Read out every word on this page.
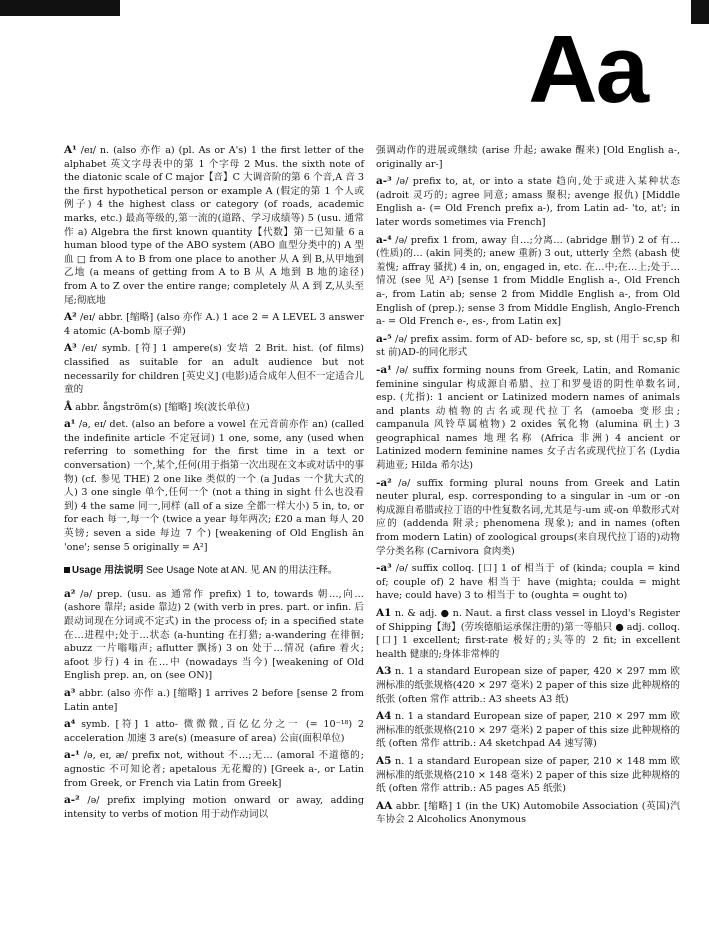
Aa

A¹ /eɪ/ n. (also 亦作 a) (pl. As or A's) 1 the first letter of the alphabet 英文字母表中的第 1 个字母 2 Mus. the sixth note of the diatonic scale of C major【音】C 大调音阶的第 6 个音,A 音 3 the first hypothetical person or example A (假定的第 1 个人或例子) 4 the highest class or category (of roads, academic marks, etc.) 最高等级的,第一流的(道路、学习成绩等) 5 (usu. 通常作 a) Algebra the first known quantity【代数】第一已知量 6 a human blood type of the ABO system (ABO 血型分类中的) A 型血 □ from A to B from one place to another 从 A 到 B,从甲地到乙地 (a means of getting from A to B 从 A 地到 B 地的途径) from A to Z over the entire range; completely 从 A 到 Z,从头至尾;彻底地

A² /eɪ/ abbr. [缩略] (also 亦作 A.) 1 ace 2 = A LEVEL 3 answer 4 atomic (A-bomb 原子弹)

A³ /eɪ/ symb. [符] 1 ampere(s) 安培 2 Brit. hist. (of films) classified as suitable for an adult audience but not necessarily for children [英史义] (电影)适合成年人但不一定适合儿童的

Å abbr. ångström(s) [缩略] 埃(波长单位)

a¹ /ə, eɪ/ det. (also an before a vowel 在元音前亦作 an) (called the indefinite article 不定冠词) 1 one, some, any (used when referring to something for the first time in a text or conversation) 一个,某个,任何(用于指第一次出现在文本或对话中的事物) (cf. 参见 THE) 2 one like 类似的一个 (a Judas 一个犹大式的人) 3 one single 单个,任何一个 (not a thing in sight 什么也没看到) 4 the same 同一,同样 (all of a size 全都一样大小) 5 in, to, or for each 每一,每一个 (twice a year 每年两次; £20 a man 每人 20 英镑; seven a side 每边 7 个) [weakening of Old English ān 'one'; sense 5 originally = A²]

Usage 用法说明 See Usage Note at AN. 见 AN 的用法注释。

a² /ə/ prep. (usu. as 通常作 prefix) 1 to, towards 朝…,向… (ashore 靠岸; aside 靠边) 2 (with verb in pres. part. or infin. 后跟动词现在分词或不定式) in the process of; in a specified state 在…进程中;处于…状态 (a-hunting 在打猎; a-wandering 在徘徊; abuzz 一片嗡嗡声; aflutter 飘扬) 3 on 处于…情况 (afire 着火; afoot 步行) 4 in 在…中 (nowadays 当今) [weakening of Old English prep. an, on (see ON)]

a³ abbr. (also 亦作 a.) [缩略] 1 arrives 2 before [sense 2 from Latin ante]

a⁴ symb. [符] 1 atto- 微微微,百亿亿分之一 (= 10⁻¹⁸) 2 acceleration 加速 3 are(s) (measure of area) 公亩(面积单位)

a-¹ /ə, eɪ, æ/ prefix not, without 不…;无… (amoral 不道德的; agnostic 不可知论者; apetalous 无花瓣的) [Greek a-, or Latin from Greek, or French via Latin from Greek]

a-² /ə/ prefix implying motion onward or away, adding intensity to verbs of motion 用于动作动词以

强调动作的进展或继续 (arise 升起; awake 醒来) [Old English a-, originally ar-]

a-³ /ə/ prefix to, at, or into a state 趋向,处于或进入某种状态 (adroit 灵巧的; agree 同意; amass 聚积; avenge 报仇) [Middle English a- (= Old French prefix a-), from Latin ad- 'to, at'; in later words sometimes via French]

a-⁴ /ə/ prefix 1 from, away 自…;分离… (abridge 删节) 2 of 有…(性质)的… (akin 同类的; anew 重新) 3 out, utterly 全然 (abash 使羞愧; affray 骚扰) 4 in, on, engaged in, etc. 在…中;在…上;处于…情况 (see 见 A²) [sense 1 from Middle English a-, Old French a-, from Latin ab; sense 2 from Middle English a-, from Old English of (prep.); sense 3 from Middle English, Anglo-French a- = Old French e-, es-, from Latin ex]

a-⁵ /ə/ prefix assim. form of AD- before sc, sp, st (用于 sc,sp 和 st 前)AD-的同化形式

-a¹ /ə/ suffix forming nouns from Greek, Latin, and Romanic feminine singular 构成源自希腊、拉丁和罗曼语的阴性单数名词, esp. (尤指): 1 ancient or Latinized modern names of animals and plants 动植物的古名或现代拉丁名 (amoeba 变形虫; campanula 风铃草属植物) 2 oxides 氧化物 (alumina 矾土) 3 geographical names 地理名称 (Africa 非洲) 4 ancient or Latinized modern feminine names 女子古名或现代拉丁名 (Lydia 莉迪亚; Hilda 希尔达)

-a² /ə/ suffix forming plural nouns from Greek and Latin neuter plural, esp. corresponding to a singular in -um or -on 构成源自希腊或拉丁语的中性复数名词,尤其是与-um 或-on 单数形式对应的 (addenda 附录; phenomena 现象); and in names (often from modern Latin) of zoological groups(来自现代拉丁语的)动物学分类名称 (Carnivora 食肉类)

-a³ /ə/ suffix colloq. [口] 1 of 相当于 of (kinda; coupla = kind of; couple of) 2 have 相当于 have (mighta; coulda = might have; could have) 3 to 相当于 to (oughta = ought to)

A1 n. & adj. ● n. Naut. a first class vessel in Lloyd's Register of Shipping【海】(劳埃德船运承保注册的)第一等船只 ● adj. colloq. [口] 1 excellent; first-rate 极好的;头等的 2 fit; in excellent health 健康的;身体非常棒的

A3 n. 1 a standard European size of paper, 420 × 297 mm 欧洲标准的纸张规格(420 × 297 毫米) 2 paper of this size 此种规格的纸张 (often 常作 attrib.: A3 sheets A3 纸)

A4 n. 1 a standard European size of paper, 210 × 297 mm 欧洲标准的纸张规格(210 × 297 毫米) 2 paper of this size 此种规格的纸 (often 常作 attrib.: A4 sketchpad A4 速写簿)

A5 n. 1 a standard European size of paper, 210 × 148 mm 欧洲标准的纸张规格(210 × 148 毫米) 2 paper of this size 此种规格的纸 (often 常作 attrib.: A5 pages A5 纸张)

AA abbr. [缩略] 1 (in the UK) Automobile Association (英国)汽车协会 2 Alcoholics Anonymous
